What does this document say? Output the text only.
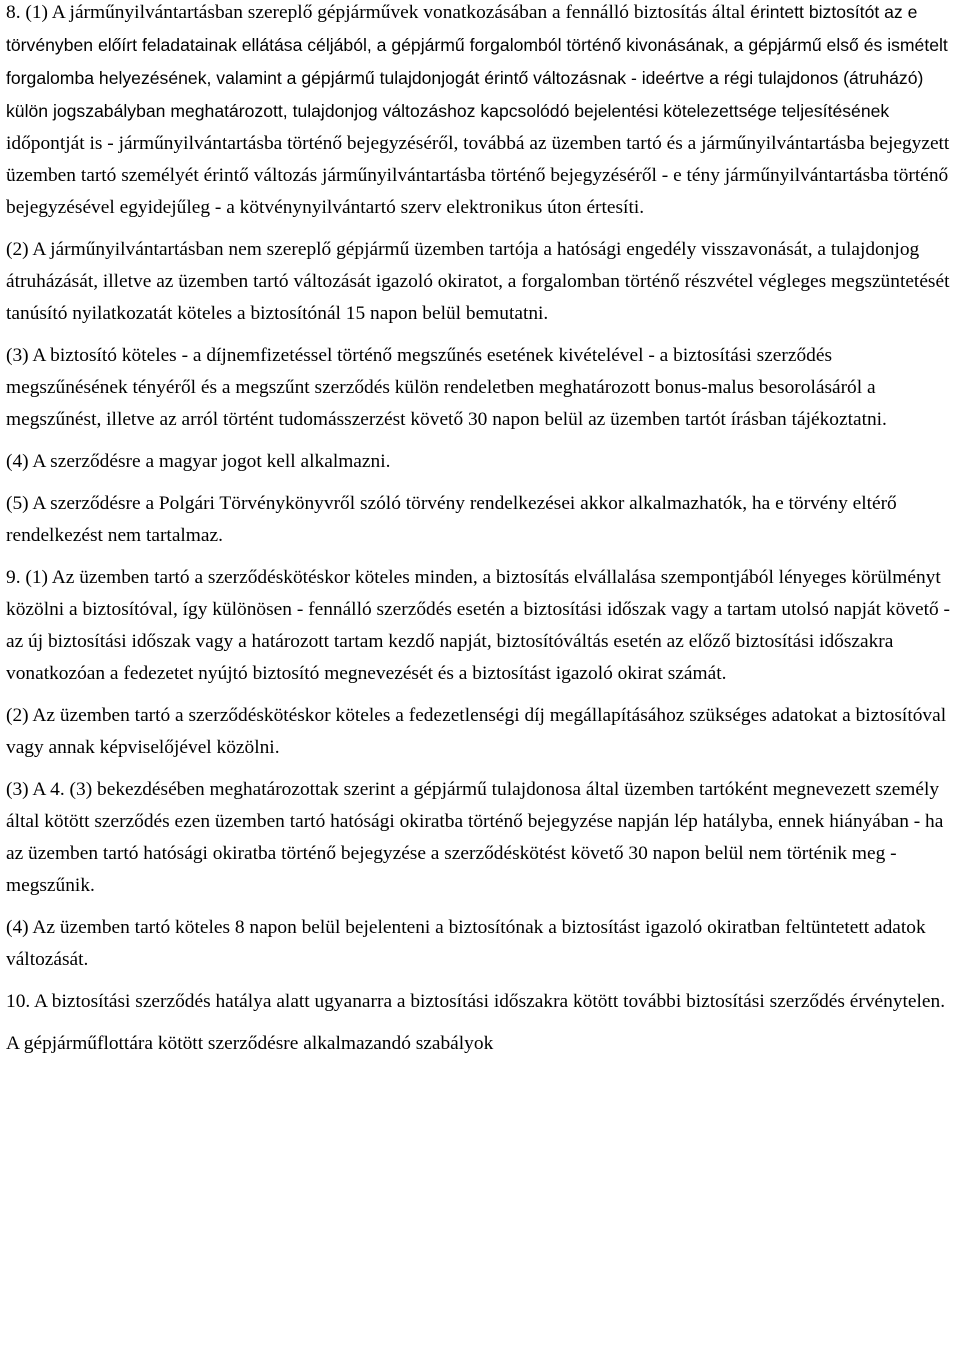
8. (1) A járműnyilvántartásban szereplő gépjárművek vonatkozásában a fennálló biztosítás által érintett biztosítót az e törvényben előírt feladatainak ellátása céljából, a gépjármű forgalomból történő kivonásának, a gépjármű első és ismételt forgalomba helyezésének, valamint a gépjármű tulajdonjogát érintő változásnak - ideértve a régi tulajdonos (átruházó) külön jogszabályban meghatározott, tulajdonjog változáshoz kapcsolódó bejelentési kötelezettsége teljesítésének időpontját is - járműnyilvántartásba történő bejegyzéséről, továbbá az üzemben tartó és a járműnyilvántartásba bejegyzett üzemben tartó személyét érintő változás járműnyilvántartásba történő bejegyzéséről - e tény járműnyilvántartásba történő bejegyzésével egyidejűleg - a kötvénynyilvántartó szerv elektronikus úton értesíti.

(2) A járműnyilvántartásban nem szereplő gépjármű üzemben tartója a hatósági engedély visszavonását, a tulajdonjog átruházását, illetve az üzemben tartó változását igazoló okiratot, a forgalomban történő részvétel végleges megszüntetését tanúsító nyilatkozatát köteles a biztosítónál 15 napon belül bemutatni.

(3) A biztosító köteles - a díjnemfizetéssel történő megszűnés esetének kivételével - a biztosítási szerződés megszűnésének tényéről és a megszűnt szerződés külön rendeletben meghatározott bonus-malus besorolásáról a megszűnést, illetve az arról történt tudomásszerzést követő 30 napon belül az üzemben tartót írásban tájékoztatni.

(4) A szerződésre a magyar jogot kell alkalmazni.

(5) A szerződésre a Polgári Törvénykönyvről szóló törvény rendelkezései akkor alkalmazhatók, ha e törvény eltérő rendelkezést nem tartalmaz.

9. (1) Az üzemben tartó a szerződéskötéskor köteles minden, a biztosítás elvállalása szempontjából lényeges körülményt közölni a biztosítóval, így különösen - fennálló szerződés esetén a biztosítási időszak vagy a tartam utolsó napját követő - az új biztosítási időszak vagy a határozott tartam kezdő napját, biztosítóváltás esetén az előző biztosítási időszakra vonatkozóan a fedezetet nyújtó biztosító megnevezését és a biztosítást igazoló okirat számát.

(2) Az üzemben tartó a szerződéskötéskor köteles a fedezetlenségi díj megállapításához szükséges adatokat a biztosítóval vagy annak képviselőjével közölni.

(3) A 4. (3) bekezdésében meghatározottak szerint a gépjármű tulajdonosa által üzemben tartóként megnevezett személy által kötött szerződés ezen üzemben tartó hatósági okiratba történő bejegyzése napján lép hatályba, ennek hiányában - ha az üzemben tartó hatósági okiratba történő bejegyzése a szerződéskötést követő 30 napon belül nem történik meg - megszűnik.

(4) Az üzemben tartó köteles 8 napon belül bejelenteni a biztosítónak a biztosítást igazoló okiratban feltüntetett adatok változását.

10. A biztosítási szerződés hatálya alatt ugyanarra a biztosítási időszakra kötött további biztosítási szerződés érvénytelen.

A gépjárműflottára kötött szerződésre alkalmazandó szabályok
